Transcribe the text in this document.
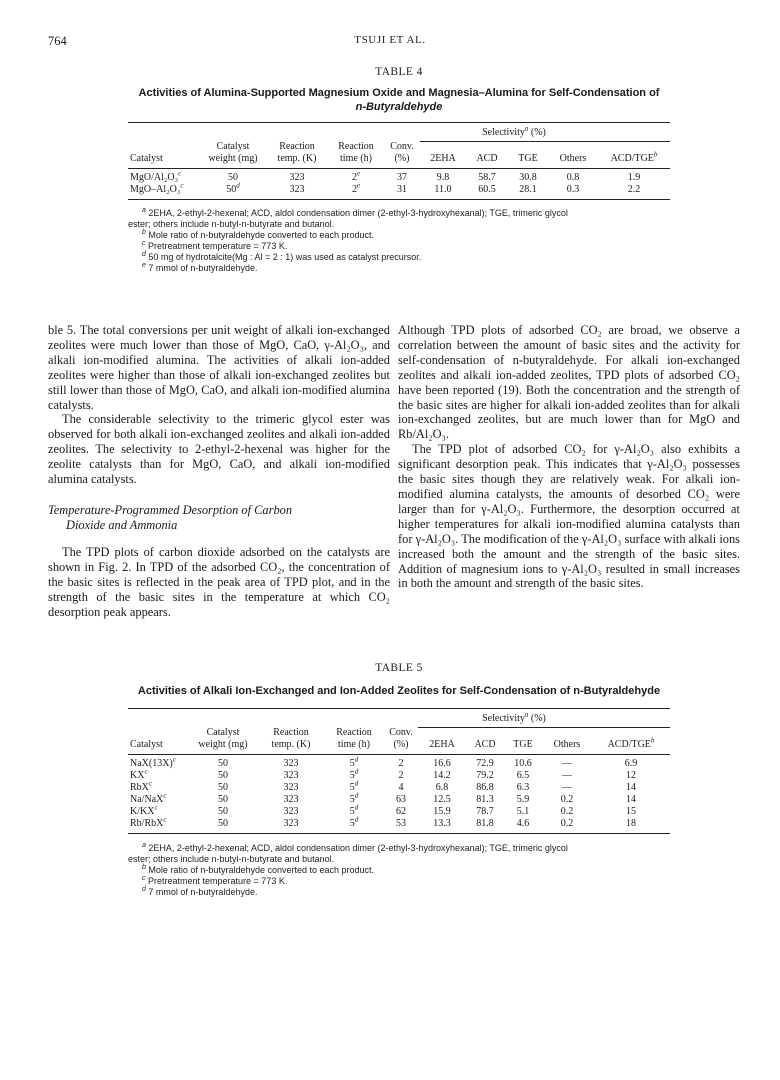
764	TSUJI ET AL.
TABLE 4
Activities of Alumina-Supported Magnesium Oxide and Magnesia–Alumina for Self-Condensation of
n-Butyraldehyde

					Selectivity$^a$ (%)				
	Catalyst	Reaction	Reaction	Conv.					
Catalyst	weight (mg)	temp. (K)	time (h)	(%)	2EHA	ACD	TGE	Others	ACD/TGE$^b$

MgO/Al₂O₃$^c$	50	323	2e	37	9.8	58.7	30.8	0.8	1.9
MgO–Al₂O₃$^c$	50$^d$	323	2e	31	11.0	60.5	28.1	0.3	2.2

$^a$ 2EHA, 2-ethyl-2-hexenal; ACD, aldol condensation dimer (2-ethyl-3-hydroxyhexanal); TGE, trimeric glycol

ester; others include n-butyl-n-butyrate and butanol.

$^b$ Mole ratio of n-butyraldehyde converted to each product.

$^c$ Pretreatment temperature = 773 K.

$^d$ 50 mg of hydrotalcite(Mg : Al = 2 : 1) was used as catalyst precursor.

$^e$ 7 mmol of n-butyraldehyde.

ble 5. The total conversions per unit weight of alkali ion-exchanged zeolites were much lower than those of MgO, CaO, γ-Al₂O₃, and alkali ion-modified alumina. The activities of alkali ion-added zeolites were higher than those of alkali ion-exchanged zeolites but still lower than those of MgO, CaO, and alkali ion-modified alumina catalysts.

The considerable selectivity to the trimeric glycol ester was observed for both alkali ion-exchanged zeolites and alkali ion-added zeolites. The selectivity to 2-ethyl-2-hexenal was higher for the zeolite catalysts than for MgO, CaO, and alkali ion-modified alumina catalysts.

Temperature-Programmed Desorption of Carbon
Dioxide and Ammonia

The TPD plots of carbon dioxide adsorbed on the catalysts are shown in Fig. 2. In TPD of the adsorbed CO₂, the concentration of the basic sites is reflected in the peak area of TPD plot, and in the strength of the basic sites in the temperature at which CO₂ desorption peak appears.

Although TPD plots of adsorbed CO₂ are broad, we observe a correlation between the amount of basic sites and the activity for self-condensation of n-butyraldehyde. For alkali ion-exchanged zeolites and alkali ion-added zeolites, TPD plots of adsorbed CO₂ have been reported (19). Both the concentration and the strength of the basic sites are higher for alkali ion-added zeolites than for alkali ion-exchanged zeolites, but are much lower than for MgO and Rb/Al₂O₃.

The TPD plot of adsorbed CO₂ for γ-Al₂O₃ also exhibits a significant desorption peak. This indicates that γ-Al₂O₃ possesses the basic sites though they are relatively weak. For alkali ion-modified alumina catalysts, the amounts of desorbed CO₂ were larger than for γ-Al₂O₃. Furthermore, the desorption occurred at higher temperatures for alkali ion-modified alumina catalysts than for γ-Al₂O₃. The modification of the γ-Al₂O₃ surface with alkali ions increased both the amount and the strength of the basic sites. Addition of magnesium ions to γ-Al₂O₃ resulted in small increases in both the amount and strength of the basic sites.

TABLE 5
Activities of Alkali Ion-Exchanged and Ion-Added Zeolites for Self-Condensation of n-Butyraldehyde

					Selectivity$^a$ (%)				
	Catalyst	Reaction	Reaction	Conv.					
Catalyst	weight (mg)	temp. (K)	time (h)	(%)	2EHA	ACD	TGE	Others	ACD/TGE$^b$

NaX(13X)$^c$	50	323	5$^d$	2	16.6	72.9	10.6	—	6.9
KX$^c$	50	323	5$^d$	2	14.2	79.2	6.5	—	12
RbX$^c$	50	323	5$^d$	4	6.8	86.8	6.3	—	14
Na/NaX$^c$	50	323	5$^d$	63	12.5	81.3	5.9	0.2	14
K/KX$^c$	50	323	5$^d$	62	15.9	78.7	5.1	0.2	15
Rb/RbX$^c$	50	323	5$^d$	53	13.3	81.8	4.6	0.2	18

$^a$ 2EHA, 2-ethyl-2-hexenal; ACD, aldol condensation dimer (2-ethyl-3-hydroxyhexanal); TGE, trimeric glycol

ester; others include n-butyl-n-butyrate and butanol.

$^b$ Mole ratio of n-butyraldehyde converted to each product.

$^c$ Pretreatment temperature = 773 K.

$^d$ 7 mmol of n-butyraldehyde.
